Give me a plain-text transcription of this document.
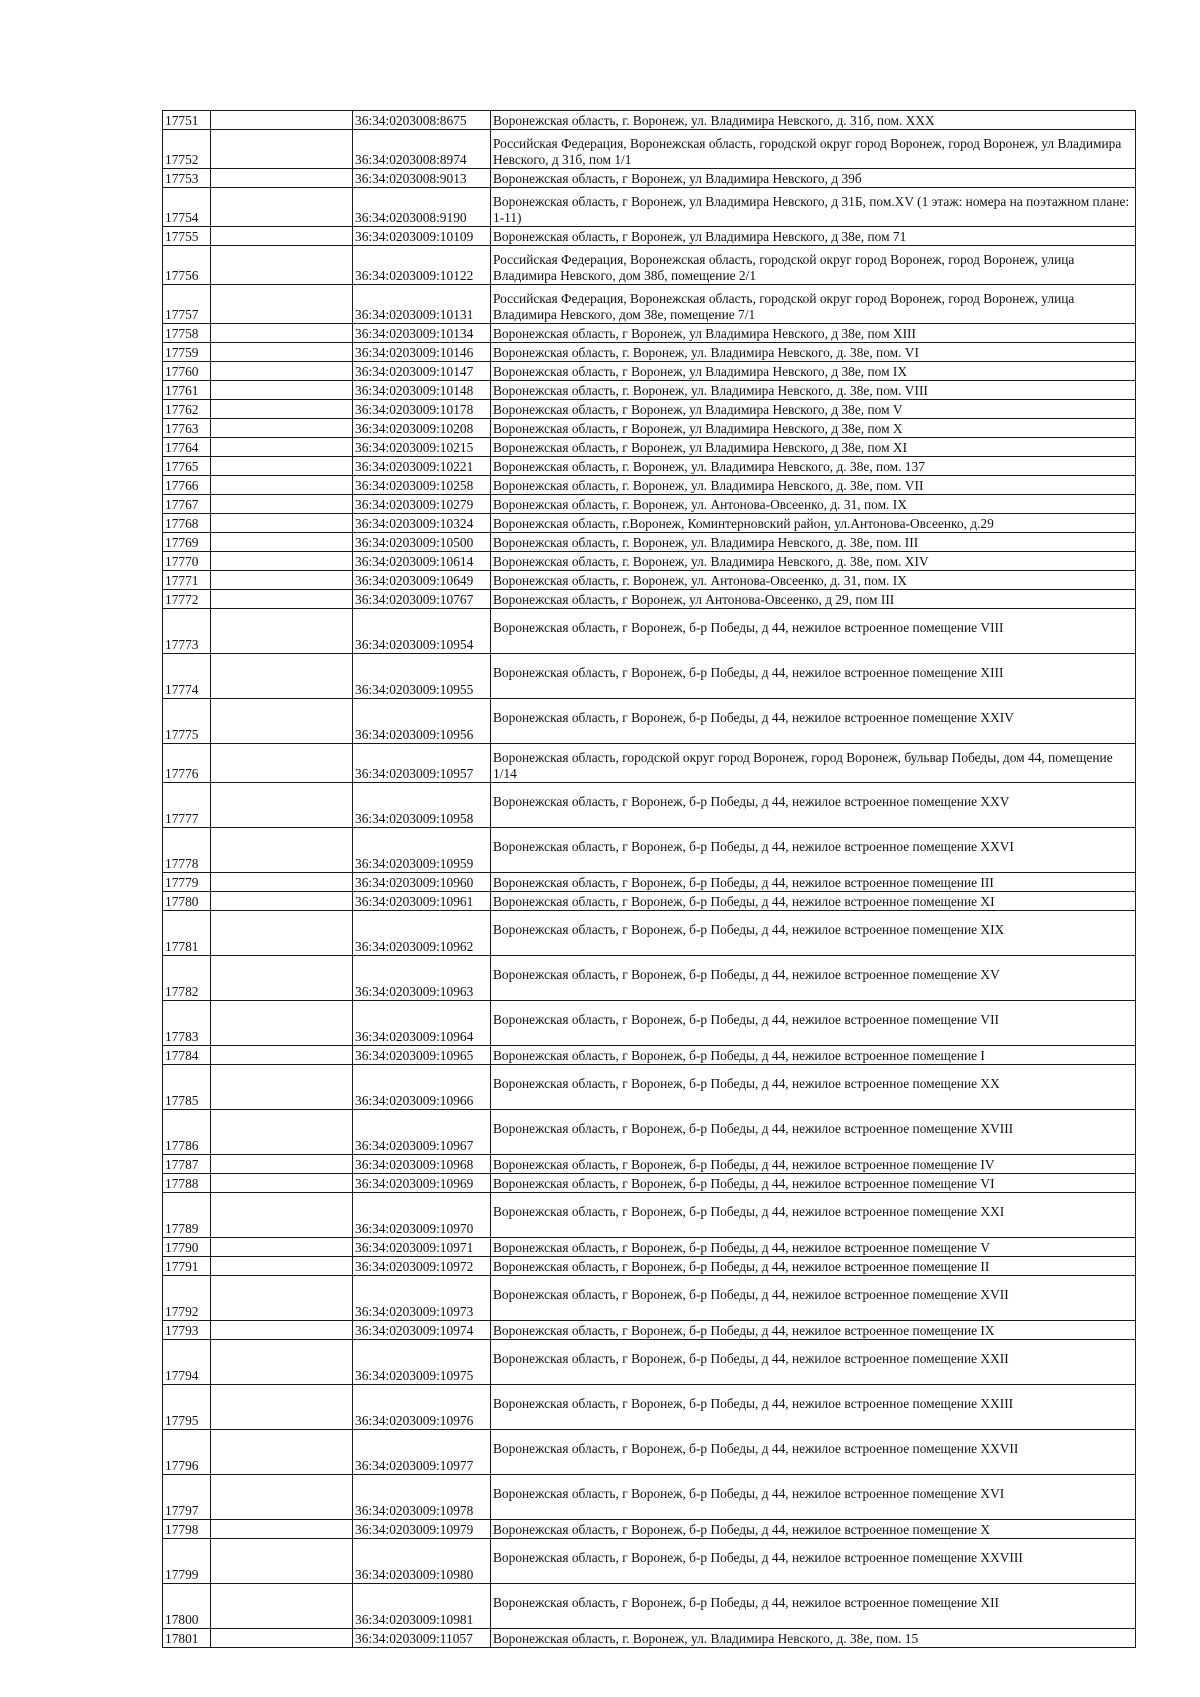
17751		36:34:0203008:8675	Воронежская область, г. Воронеж, ул. Владимира Невского, д. 31б, пом. XXX
17752		36:34:0203008:8974	Российская Федерация, Воронежская область, городской округ город Воронеж, город Воронеж, ул Владимира Невского, д 31б, пом 1/1
17753		36:34:0203008:9013	Воронежская область, г Воронеж, ул Владимира Невского, д 39б
17754		36:34:0203008:9190	Воронежская область, г Воронеж, ул Владимира Невского, д 31Б, пом.XV (1 этаж: номера на поэтажном плане: 1-11)
17755		36:34:0203009:10109	Воронежская область, г Воронеж, ул Владимира Невского, д 38е, пом 71
17756		36:34:0203009:10122	Российская Федерация, Воронежская область, городской округ город Воронеж, город Воронеж, улица Владимира Невского, дом 38б, помещение 2/1
17757		36:34:0203009:10131	Российская Федерация, Воронежская область, городской округ город Воронеж, город Воронеж, улица Владимира Невского, дом 38е, помещение 7/1
17758		36:34:0203009:10134	Воронежская область, г Воронеж, ул Владимира Невского, д 38е, пом XIII
17759		36:34:0203009:10146	Воронежская область, г. Воронеж, ул. Владимира Невского, д. 38е, пом. VI
17760		36:34:0203009:10147	Воронежская область, г Воронеж, ул Владимира Невского, д 38е, пом IX
17761		36:34:0203009:10148	Воронежская область, г. Воронеж, ул. Владимира Невского, д. 38е, пом. VIII
17762		36:34:0203009:10178	Воронежская область, г Воронеж, ул Владимира Невского, д 38е, пом V
17763		36:34:0203009:10208	Воронежская область, г Воронеж, ул Владимира Невского, д 38е, пом X
17764		36:34:0203009:10215	Воронежская область, г Воронеж, ул Владимира Невского, д 38е, пом XI
17765		36:34:0203009:10221	Воронежская область, г. Воронеж, ул. Владимира Невского, д. 38е, пом. 137
17766		36:34:0203009:10258	Воронежская область, г. Воронеж, ул. Владимира Невского, д. 38е, пом. VII
17767		36:34:0203009:10279	Воронежская область, г. Воронеж, ул. Антонова-Овсеенко, д. 31, пом. IX
17768		36:34:0203009:10324	Воронежская область, г.Воронеж, Коминтерновский район, ул.Антонова-Овсеенко, д.29
17769		36:34:0203009:10500	Воронежская область, г. Воронеж, ул. Владимира Невского, д. 38е, пом. III
17770		36:34:0203009:10614	Воронежская область, г. Воронеж, ул. Владимира Невского, д. 38е, пом. XIV
17771		36:34:0203009:10649	Воронежская область, г. Воронеж, ул. Антонова-Овсеенко, д. 31, пом. IX
17772		36:34:0203009:10767	Воронежская область, г Воронеж, ул Антонова-Овсеенко, д 29, пом III
17773		36:34:0203009:10954	Воронежская область, г Воронеж, б-р Победы, д 44, нежилое встроенное помещение VIII
17774		36:34:0203009:10955	Воронежская область, г Воронеж, б-р Победы, д 44, нежилое встроенное помещение XIII
17775		36:34:0203009:10956	Воронежская область, г Воронеж, б-р Победы, д 44, нежилое встроенное помещение XXIV
17776		36:34:0203009:10957	Воронежская область, городской округ город Воронеж, город Воронеж, бульвар Победы, дом 44, помещение 1/14
17777		36:34:0203009:10958	Воронежская область, г Воронеж, б-р Победы, д 44, нежилое встроенное помещение XXV
17778		36:34:0203009:10959	Воронежская область, г Воронеж, б-р Победы, д 44, нежилое встроенное помещение XXVI
17779		36:34:0203009:10960	Воронежская область, г Воронеж, б-р Победы, д 44, нежилое встроенное помещение III
17780		36:34:0203009:10961	Воронежская область, г Воронеж, б-р Победы, д 44, нежилое встроенное помещение XI
17781		36:34:0203009:10962	Воронежская область, г Воронеж, б-р Победы, д 44, нежилое встроенное помещение XIX
17782		36:34:0203009:10963	Воронежская область, г Воронеж, б-р Победы, д 44, нежилое встроенное помещение XV
17783		36:34:0203009:10964	Воронежская область, г Воронеж, б-р Победы, д 44, нежилое встроенное помещение VII
17784		36:34:0203009:10965	Воронежская область, г Воронеж, б-р Победы, д 44, нежилое встроенное помещение I
17785		36:34:0203009:10966	Воронежская область, г Воронеж, б-р Победы, д 44, нежилое встроенное помещение XX
17786		36:34:0203009:10967	Воронежская область, г Воронеж, б-р Победы, д 44, нежилое встроенное помещение XVIII
17787		36:34:0203009:10968	Воронежская область, г Воронеж, б-р Победы, д 44, нежилое встроенное помещение IV
17788		36:34:0203009:10969	Воронежская область, г Воронеж, б-р Победы, д 44, нежилое встроенное помещение VI
17789		36:34:0203009:10970	Воронежская область, г Воронеж, б-р Победы, д 44, нежилое встроенное помещение XXI
17790		36:34:0203009:10971	Воронежская область, г Воронеж, б-р Победы, д 44, нежилое встроенное помещение V
17791		36:34:0203009:10972	Воронежская область, г Воронеж, б-р Победы, д 44, нежилое встроенное помещение II
17792		36:34:0203009:10973	Воронежская область, г Воронеж, б-р Победы, д 44, нежилое встроенное помещение XVII
17793		36:34:0203009:10974	Воронежская область, г Воронеж, б-р Победы, д 44, нежилое встроенное помещение IX
17794		36:34:0203009:10975	Воронежская область, г Воронеж, б-р Победы, д 44, нежилое встроенное помещение XXII
17795		36:34:0203009:10976	Воронежская область, г Воронеж, б-р Победы, д 44, нежилое встроенное помещение XXIII
17796		36:34:0203009:10977	Воронежская область, г Воронеж, б-р Победы, д 44, нежилое встроенное помещение XXVII
17797		36:34:0203009:10978	Воронежская область, г Воронеж, б-р Победы, д 44, нежилое встроенное помещение XVI
17798		36:34:0203009:10979	Воронежская область, г Воронеж, б-р Победы, д 44, нежилое встроенное помещение X
17799		36:34:0203009:10980	Воронежская область, г Воронеж, б-р Победы, д 44, нежилое встроенное помещение XXVIII
17800		36:34:0203009:10981	Воронежская область, г Воронеж, б-р Победы, д 44, нежилое встроенное помещение XII
17801		36:34:0203009:11057	Воронежская область, г. Воронеж, ул. Владимира Невского, д. 38е, пом. 15
